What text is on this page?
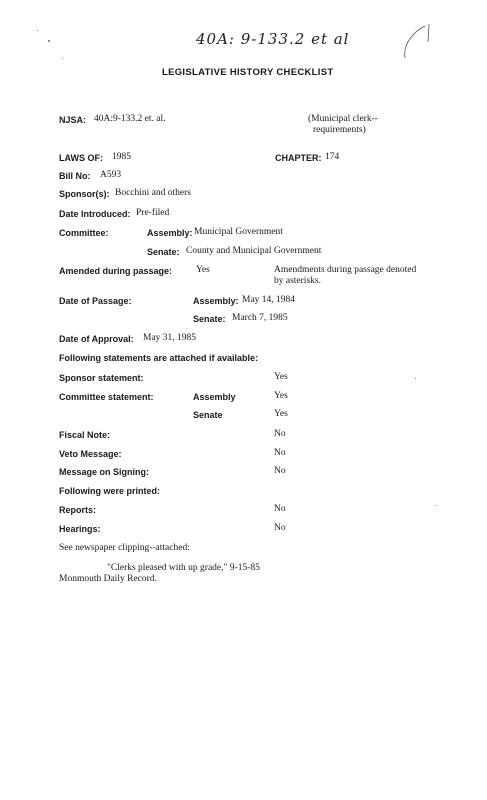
40A: 9-133.2 et al
LEGISLATIVE HISTORY CHECKLIST
NJSA: 40A:9-133.2 et. al.	(Municipal clerk--
requirements)
LAWS OF: 1985	CHAPTER: 174
Bill No: A593
Sponsor(s): Bocchini and others
Date Introduced: Pre-filed
Committee:	Assembly: Municipal Government
Senate: County and Municipal Government
Amended during passage:	Yes	Amendments during passage denoted
by asterisks.
Date of Passage:	Assembly: May 14, 1984
Senate: March 7, 1985
Date of Approval: May 31, 1985
Following statements are attached if available:
Sponsor statement:	Yes
Committee statement:	Assembly	Yes
Senate	Yes
Fiscal Note:	No
Veto Message:	No
Message on Signing:	No
Following were printed:
Reports:	No
Hearings:	No
See newspaper clipping--attached:
"Clerks pleased with up grade," 9-15-85
Monmouth Daily Record.
